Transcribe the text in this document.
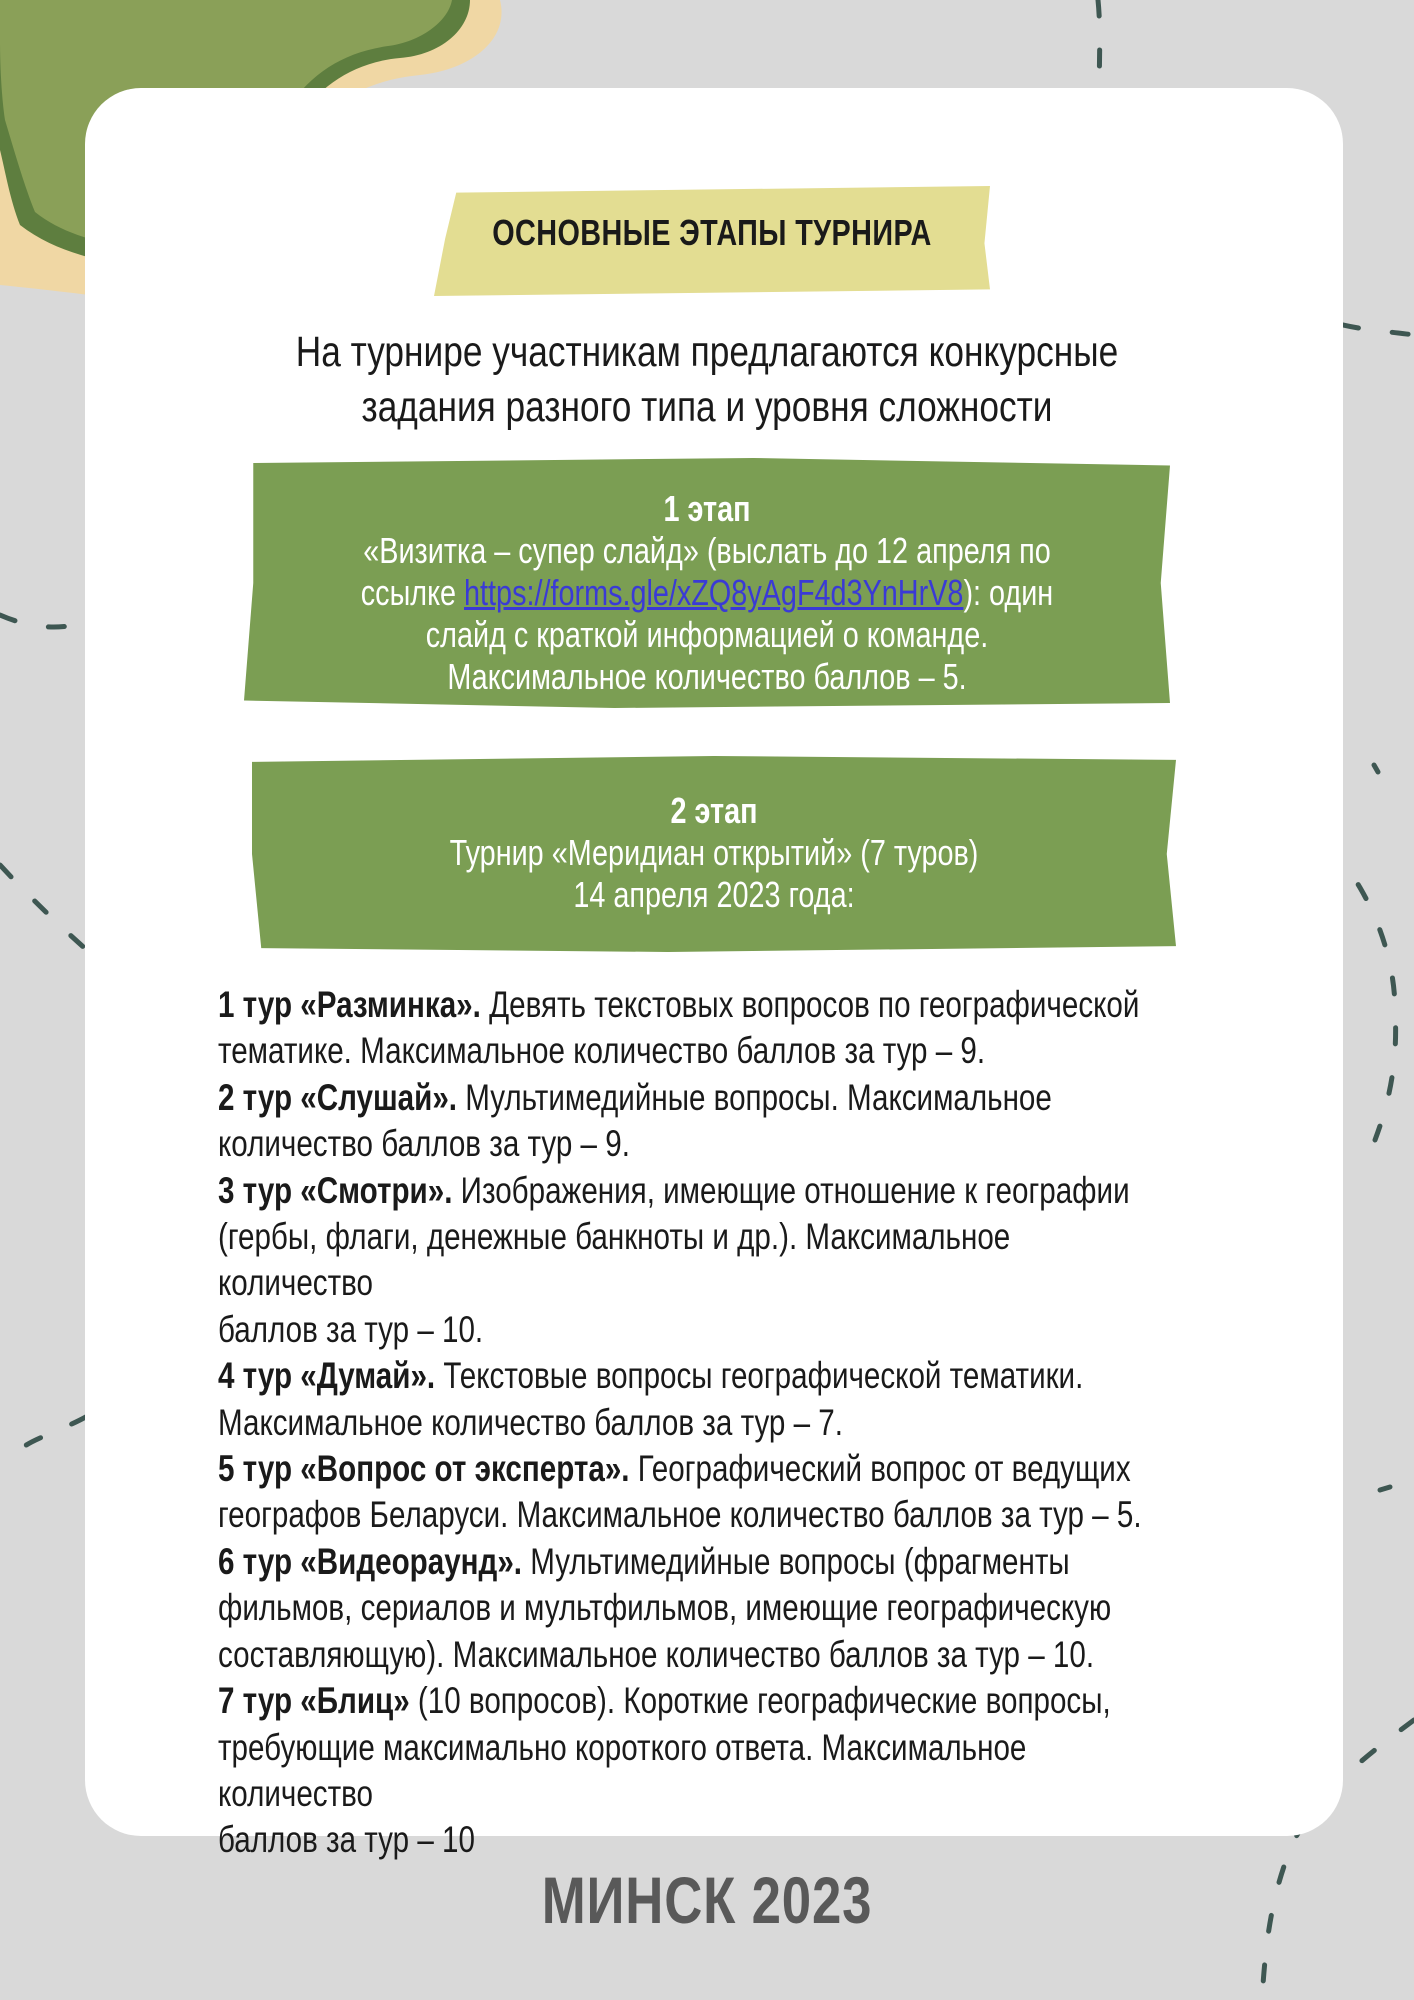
ОСНОВНЫЕ ЭТАПЫ ТУРНИРА
На турнире участникам предлагаются конкурсные
задания разного типа и уровня сложности
1 этап
«Визитка – супер слайд» (выслать до 12 апреля по
ссылке https://forms.gle/xZQ8yAgF4d3YnHrV8): один
слайд с краткой информацией о команде.
Максимальное количество баллов – 5.
2 этап
Турнир «Меридиан открытий» (7 туров)
14 апреля 2023 года:
1 тур «Разминка». Девять текстовых вопросов по географической
тематике. Максимальное количество баллов за тур – 9.
2 тур «Слушай». Мультимедийные вопросы. Максимальное
количество баллов за тур – 9.
3 тур «Смотри». Изображения, имеющие отношение к географии
(гербы, флаги, денежные банкноты и др.). Максимальное количество
баллов за тур – 10.
4 тур «Думай». Текстовые вопросы географической тематики.
Максимальное количество баллов за тур – 7.
5 тур «Вопрос от эксперта». Географический вопрос от ведущих
географов Беларуси. Максимальное количество баллов за тур – 5.
6 тур «Видеораунд». Мультимедийные вопросы (фрагменты
фильмов, сериалов и мультфильмов, имеющие географическую
составляющую). Максимальное количество баллов за тур – 10.
7 тур «Блиц» (10 вопросов). Короткие географические вопросы,
требующие максимально короткого ответа. Максимальное количество
баллов за тур – 10
МИНСК 2023
